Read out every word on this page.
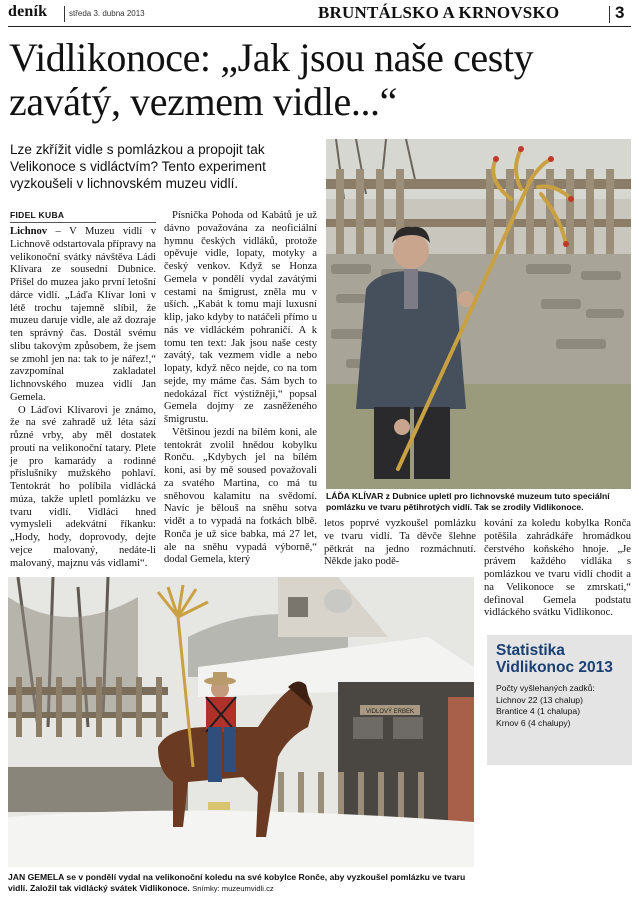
deník	středa 3. dubna 2013	BRUNTÁLSKO A KRNOVSKO	3
Vidlikonoce: „Jak jsou naše cesty zavátý, vezmem vidle...“
Lze zkřížit vidle s pomlázkou a propojit tak Velikonoce s vidláctvím? Tento experiment vyzkoušeli v lichnovském muzeu vidlí.
FIDEL KUBA

Lichnov – V Muzeu vidlí v Lichnově odstartovala přípravy na velikonoční svátky návštěva Ládi Klívara ze sousední Dubnice. Přišel do muzea jako první letošní dárce vidlí. „Láďa Klívar loni v létě trochu tajemně slíbil, že muzeu daruje vidle, ale až dozraje ten správný čas. Dostál svému slibu takovým způsobem, že jsem se zmohl jen na: tak to je nářez!,“ zavzpomínal zakladatel lichnovského muzea vidlí Jan Gemela.

O Láďovi Klívarovi je známo, že na své zahradě už léta sází různé vrby, aby měl dostatek proutí na velikonoční tatary. Plete je pro kamarády a rodinné příslušníky mužského pohlaví. Tentokrát ho políbila vidlácká múza, takže upletl pomlázku ve tvaru vidlí. Vidláci hned vymysleli adekvátní říkanku: „Hody, hody, doprovody, dejte vejce malovaný, nedáte-li malovaný, majznu vás vidlami“.

Písnička Pohoda od Kabátů je už dávno považována za neoficiální hymnu českých vidláků, protože opěvuje vidle, lopaty, motyky a český venkov. Když se Honza Gemela v pondělí vydal zavátými cestami na šmigrust, zněla mu v uších. „Kabát k tomu mají luxusní klip, jako kdyby to natáčeli přímo u nás ve vidláckém pohraničí. A k tomu ten text: Jak jsou naše cesty zavátý, tak vezmem vidle a nebo lopaty, když něco nejde, co na tom sejde, my máme čas. Sám bych to nedokázal říct výstižněji,“ popsal Gemela dojmy ze zasněženého šmigrustu.

Většinou jezdí na bílém koni, ale tentokrát zvolil hnědou kobylku Ronču. „Kdybych jel na bílém koni, asi by mě soused považovali za svatého Martina, co má tu sněhovou kalamitu na svědomí. Navíc je bělouš na sněhu sotva vidět a to vypadá na fotkách blbě. Ronča je už sice babka, má 27 let, ale na sněhu vypadá výborně,“ dodal Gemela, který

LÁĎA KLÍVAR z Dubnice upletl pro lichnovské muzeum tuto speciální pomlázku ve tvaru pětihrotých vidlí. Tak se zrodily Vidlikonoce.

letos poprvé vyzkoušel pomlázku ve tvaru vidlí. Ta děvče šlehne pětkrát na jedno rozmáchnutí. Někde jako podě-

kování za koledu kobylka Ronča potěšila zahrádkáře hromádkou čerstvého koňského hnoje. „Je právem každého vidláka s pomlázkou ve tvaru vidlí chodit a na Velikonoce se zmrskati,“ definoval Gemela podstatu vidláckého svátku Vidlikonoc.

VIDLOVÝ ERBEK
JAN GEMELA se v pondělí vydal na velikonoční koledu na své kobylce Ronče, aby vyzkoušel pomlázku ve tvaru vidlí. Založil tak vidlácký svátek Vidlikonoce. Snímky: muzeumvidli.cz
Statistika Vidlikonoc 2013
Počty vyšlehaných zadků:
Lichnov 22 (13 chalup)
Brantice 4 (1 chalupa)
Krnov 6 (4 chalupy)
